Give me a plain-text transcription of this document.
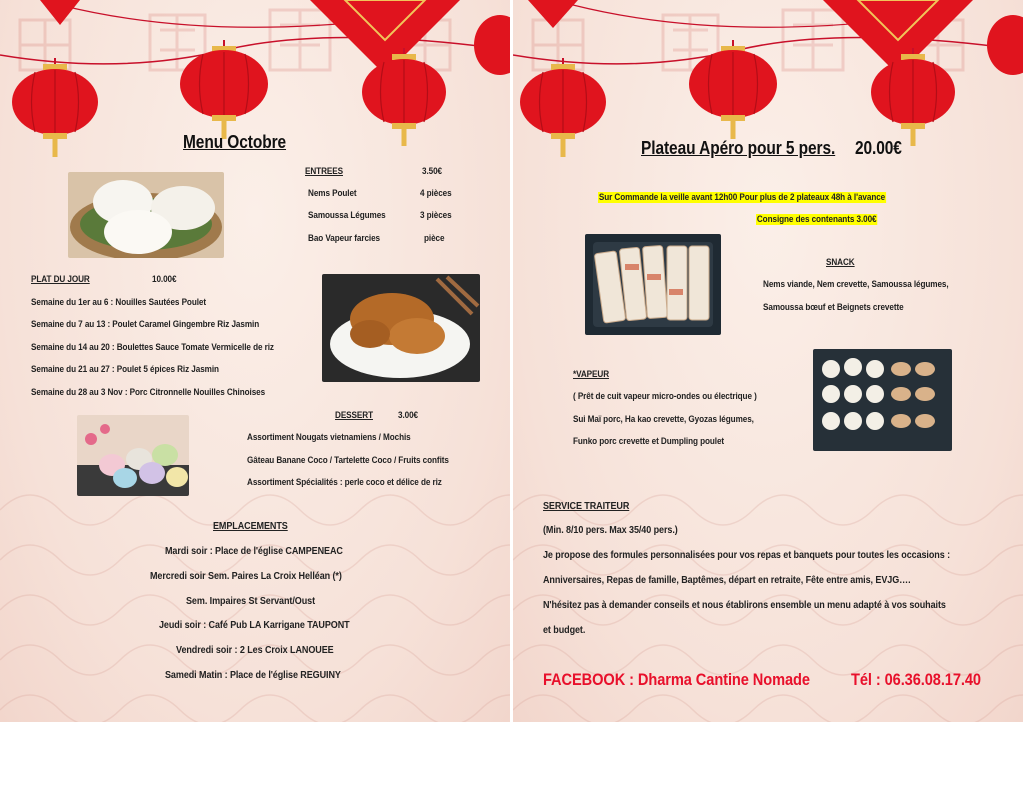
Menu Octobre
ENTREES	3.50€
Nems Poulet	4 pièces
Samoussa Légumes	3 pièces
Bao Vapeur farcies	pièce
PLAT DU JOUR	10.00€
Semaine du 1er au 6 : Nouilles Sautées Poulet
Semaine du 7 au 13 : Poulet Caramel Gingembre Riz Jasmin
Semaine du 14 au 20 : Boulettes Sauce Tomate Vermicelle de riz
Semaine du 21 au 27 : Poulet 5 épices Riz Jasmin
Semaine du 28 au 3 Nov : Porc Citronnelle Nouilles Chinoises
DESSERT	3.00€
Assortiment Nougats vietnamiens / Mochis
Gâteau Banane Coco / Tartelette Coco / Fruits confits
Assortiment Spécialités : perle coco et délice de riz
EMPLACEMENTS
Mardi soir : Place de l'église CAMPENEAC
Mercredi soir Sem. Paires La Croix Helléan (*)
Sem. Impaires St Servant/Oust
Jeudi soir : Café Pub LA Karrigane TAUPONT
Vendredi soir : 2 Les Croix LANOUEE
Samedi Matin : Place de l'église REGUINY
Plateau Apéro pour 5 pers. 20.00€
Sur Commande la veille avant 12h00 Pour plus de 2 plateaux 48h à l'avance
Consigne des contenants 3.00€
SNACK
Nems viande, Nem crevette, Samoussa légumes,
Samoussa bœuf et Beignets crevette
*VAPEUR
( Prêt de cuit vapeur micro-ondes ou électrique )
Sui Maï porc, Ha kao crevette, Gyozas légumes,
Funko porc crevette et Dumpling poulet
SERVICE TRAITEUR
(Min. 8/10 pers. Max 35/40 pers.)
Je propose des formules personnalisées pour vos repas et banquets pour toutes les occasions :
Anniversaires, Repas de famille, Baptêmes, départ en retraite, Fête entre amis, EVJG….
N'hésitez pas à demander conseils et nous établirons ensemble un menu adapté à vos souhaits
et budget.
FACEBOOK : Dharma Cantine Nomade Tél : 06.36.08.17.40
